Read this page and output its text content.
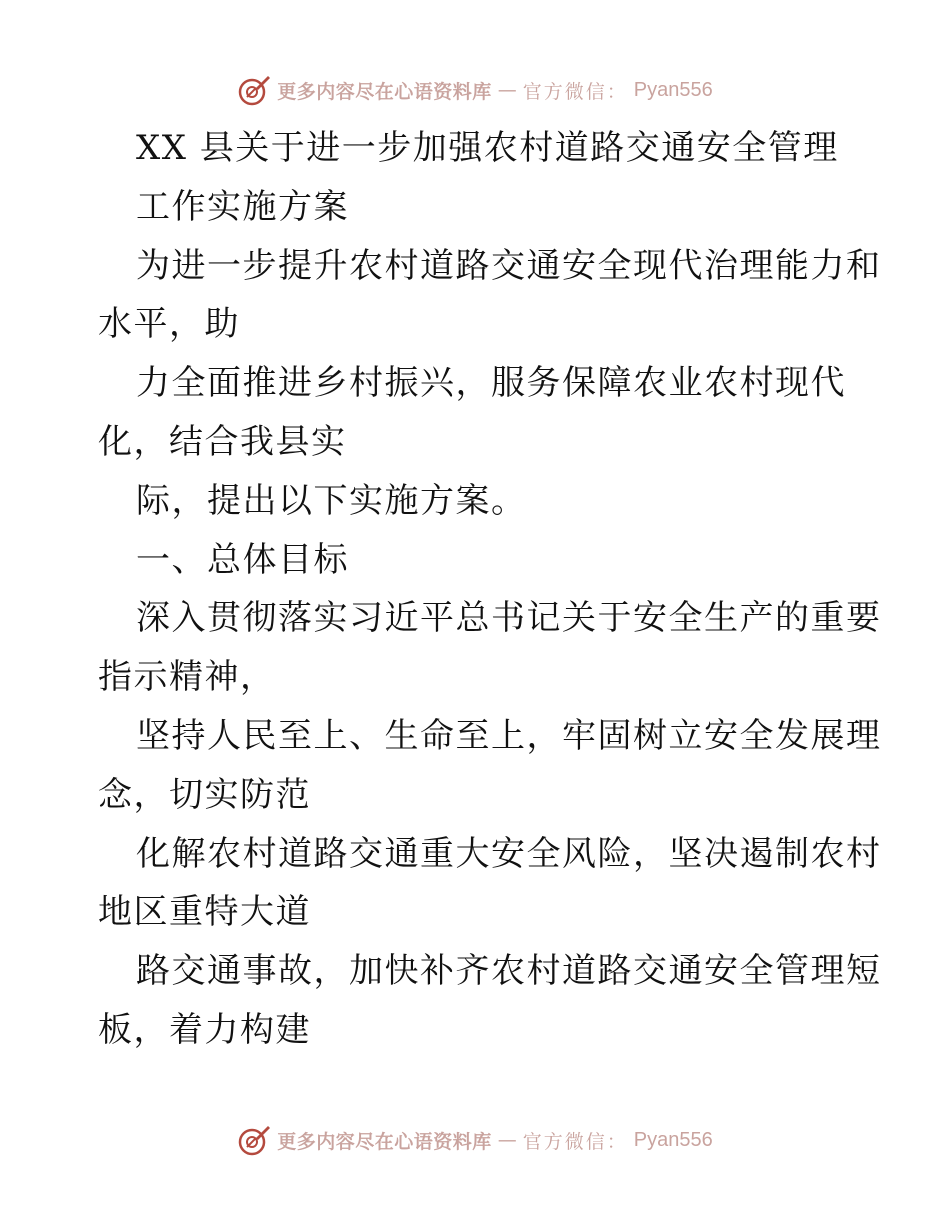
更多内容尽在心语资料库 — 官方微信： Pyan556
XX 县关于进一步加强农村道路交通安全管理
工作实施方案
为进一步提升农村道路交通安全现代治理能力和
水平，助
力全面推进乡村振兴，服务保障农业农村现代
化，结合我县实
际，提出以下实施方案。
一、总体目标
深入贯彻落实习近平总书记关于安全生产的重要
指示精神，
坚持人民至上、生命至上，牢固树立安全发展理
念，切实防范
化解农村道路交通重大安全风险，坚决遏制农村
地区重特大道
路交通事故，加快补齐农村道路交通安全管理短
板，着力构建
更多内容尽在心语资料库 — 官方微信： Pyan556
